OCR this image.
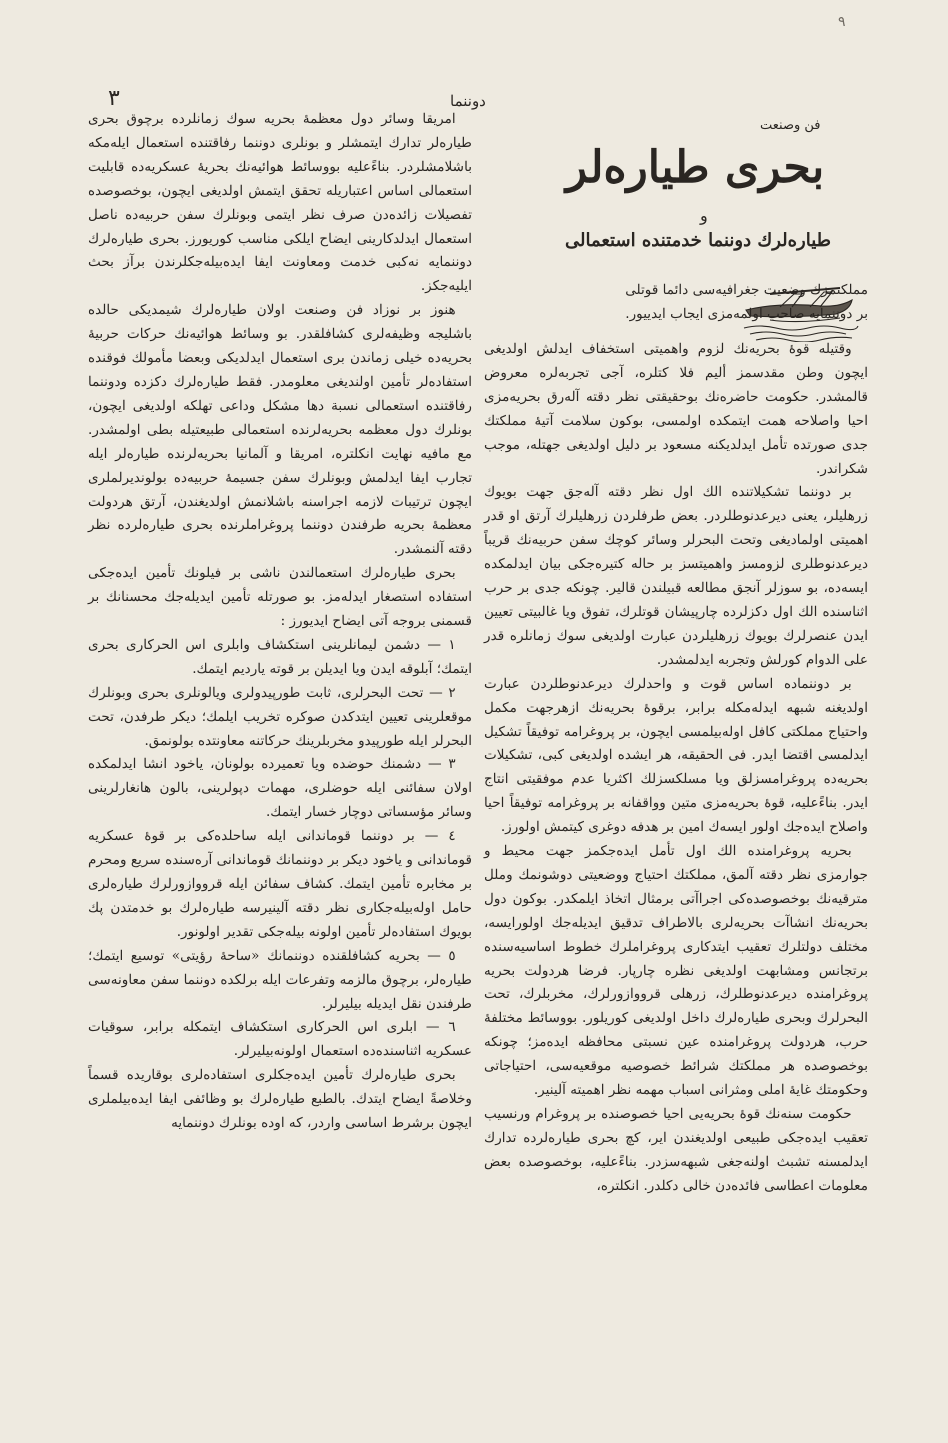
٩
٣	دوننما
فن وصنعت
بحری طیاره‌لر
و
طیاره‌لرك دوننما خدمتنده استعمالی
مملکتمزك وضعیت جغرافیه‌سی دائما قوتلی
بر دوننمایه صاحب اولمه‌مزی ایجاب ایدییور.

وقتیله قوهٔ بحریه‌نك لزوم واهمیتی استخفاف ایدلش اولدیغی ایچون وطن مقدسمز ألیم فلا کتلره، آجی تجربه‌لره معروض قالمشدر. حکومت حاضره‌نك بوحقیقتی نظر دقته آله‌رق بحریه‌مزی احیا واصلاحه همت ایتمکده اولمسی، بوکون سلامت آتیهٔ مملکتك جدی صورتده تأمل ایدلدیکنه مسعود بر دلیل اولدیغی جهتله، موجب شکراندر.

بر دوننما تشکیلاتنده الك اول نظر دقته آله‌جق جهت بویوك زرهلیلر، یعنی دیرعدنوطلردر. بعض طرفلردن زرهلیلرك آرتق او قدر اهمیتی اولمادیغی وتحت البحرلر وسائر کوچك سفن حربیه‌نك قریباً دیرعدنوطلری لزومسز واهمیتسز بر حاله کتیره‌جکی بیان ایدلمکده ایسه‌ده، بو سوزلر آنجق مطالعه قبیلندن قالیر. چونکه جدی بر حرب اثناسنده الك اول دکزلرده چارپیشان قوتلرك، تفوق ویا غالبیتی تعیین ایدن عنصرلرك بویوك زرهلیلردن عبارت اولدیغی سوك زمانلره قدر علی الدوام کورلش وتجربه ایدلمشدر.

بر دوننماده اساس قوت و واحدلرك دیرعدنوطلردن عبارت اولدیغنه شبهه ایدله‌مکله برابر، برقوهٔ بحریه‌نك ازهرجهت مکمل واحتیاج مملکتی کافل اوله‌بیلمسی ایچون، بر پروغرامه توفیقاً تشکیل ایدلمسی اقتضا ایدر. فی الحقیقه، هر ایشده اولدیغی کبی، تشکیلات بحریه‌ده پروغرامسزلق ویا مسلکسزلك اکثریا عدم موفقیتی انتاج ایدر. بناءًعلیه، قوهٔ بحریه‌مزی متین وواقفانه بر پروغرامه توفیقاً احیا واصلاح ایده‌جك اولور ایسه‌ك امین بر هدفه دوغری کیتمش اولورز.

بحریه پروغرامنده الك اول تأمل ایده‌جکمز جهت محیط و جوارمزی نظر دقته آلمق، مملکتك احتیاج ووضعیتی دوشونمك وملل مترقیه‌نك بوخصوصده‌کی اجراآتی برمثال اتخاذ ایلمکدر. بوکون دول بحریه‌نك انشاآت بحریه‌لری بالاطراف تدقیق ایدیله‌جك اولورایسه، مختلف دولتلرك تعقیب ایتدکاری پروغراملرك خطوط اساسیه‌سنده برتجانس ومشابهت اولدیغی نظره چارپار. فرضا هردولت بحریه پروغرامنده دیرعدنوطلرك، زرهلی قرووازورلرك، مخربلرك، تحت البحرلرك وبحری طیاره‌لرك داخل اولدیغی کوریلور. بووسائط مختلفهٔ حرب، هردولت پروغرامنده عین نسبتی محافظه ایده‌مز؛ چونکه بوخصوصده هر مملکتك شرائط خصوصیه موقعیه‌سی، احتیاجاتی وحکومتك غایهٔ املی ومثرانی اسباب مهمه نظر اهمیته آلینیر.

حکومت سنه‌نك قوهٔ بحریه‌یی احیا خصوصنده بر پروغرام ورنسیب تعقیب ایده‌جکی طبیعی اولدیغندن ایر، کچ بحری طیاره‌لرده تدارك ایدلمسنه تشبث اولنه‌جغی شبهه‌سزدر. بناءًعلیه، بوخصوصده بعض معلومات اعطاسی فائده‌دن خالی دکلدر. انکلتره،

امریقا وسائر دول معظمهٔ بحریه سوك زمانلرده برچوق بحری طیاره‌لر تدارك ایتمشلر و بونلری دوننما رفاقتنده استعمال ایله‌مکه باشلامشلردر. بناءًعلیه بووسائط هوائیه‌نك بحریهٔ عسکریه‌ده قابلیت استعمالی اساس اعتباریله تحقق ایتمش اولدیغی ایچون، بوخصوصده تفصیلات زائده‌دن صرف نظر ایتمی وبونلرك سفن حربیه‌ده ناصل استعمال ایدلدکارینی ایضاح ایلکی مناسب کوریورز. بحری طیاره‌لرك دوننمایه نه‌کبی خدمت ومعاونت ایفا ایده‌بیله‌جکلرندن برآز بحث ایلیه‌جکز.

هنوز بر نوزاد فن وصنعت اولان طیاره‌لرك شیمدیکی حالده باشلیجه وظیفه‌لری کشافلقدر. بو وسائط هوائیه‌نك حرکات حربیهٔ بحریه‌ده خیلی زماندن بری استعمال ایدلدیکی وبعضا مأمولك فوقنده استفاده‌لر تأمین اولندیغی معلومدر. فقط طیاره‌لرك دکزده ودوننما رفاقتنده استعمالی نسبة دها مشکل وداعی تهلکه اولدیغی ایچون، بونلرك دول معظمه بحریه‌لرنده استعمالی طبیعتیله بطی اولمشدر. مع مافیه نهایت انکلتره، امریقا و آلمانیا بحریه‌لرنده طیاره‌لر ایله تجارب ایفا ایدلمش وبونلرك سفن جسیمهٔ حربیه‌ده بولوندیرلملری ایچون ترتیبات لازمه اجراسنه باشلانمش اولدیغندن، آرتق هردولت معظمهٔ بحریه طرفندن دوننما پروغراملرنده بحری طیاره‌لرده نظر دقته آلنمشدر.

بحری طیاره‌لرك استعمالندن ناشی بر فیلونك تأمین ایده‌جکی استفاده استصغار ایدله‌مز. بو صورتله تأمین ایدیله‌جك محسنانك بر قسمنی بروجه آتی ایضاح ایدیورز :

١ — دشمن لیمانلرینی استکشاف وابلری اس الحرکاری بحری ایتمك؛ آبلوقه ایدن ویا ایدیلن بر قوته یاردیم ایتمك.

٢ — تحت البحرلری، ثابت طورپیدولری ویالونلری بحری وبونلرك موقعلرینی تعیین ایتدکدن صوکره تخریب ایلمك؛ دیکر طرفدن، تحت البحرلر ایله طورپیدو مخربلرینك حرکاتنه معاونتده بولونمق.

٣ — دشمنك حوضده ویا تعمیرده بولونان، یاخود انشا ایدلمکده اولان سفائنی ایله حوضلری، مهمات دپولرینی، بالون هانغارلرینی وسائر مؤسساتی دوچار خسار ایتمك.

٤ — بر دوننما قوماندانی ایله ساحلده‌کی بر قوهٔ عسکریه قوماندانی و یاخود دیکر بر دوننمانك قوماندانی آره‌سنده سریع ومحرم بر مخابره تأمین ایتمك. کشاف سفائن ایله قرووازورلرك طیاره‌لری حامل اوله‌بیله‌جکاری نظر دقته آلینیرسه طیاره‌لرك بو خدمتدن پك بویوك استفاده‌لر تأمین اولونه بیله‌جکی تقدیر اولونور.

٥ — بحریه کشافلقنده دوننمانك «ساحهٔ رؤیتی» توسیع ایتمك؛ طیاره‌لر، برچوق مالزمه وتفرعات ایله برلکده دوننما سفن معاونه‌سی طرفندن نقل ایدیله بیلیرلر.

٦ — ابلری اس الحرکاری استکشاف ایتمکله برابر، سوقیات عسکریه اثناسنده‌ده استعمال اولونه‌بیلیرلر.

بحری طیاره‌لرك تأمین ایده‌جکلری استفاده‌لری بوقاریده قسماً وخلاصةً ایضاح ایتدك. بالطبع طیاره‌لرك بو وظائفی ایفا ایده‌بیلملری ایچون برشرط اساسی واردر، که اوده بونلرك دوننمایه
